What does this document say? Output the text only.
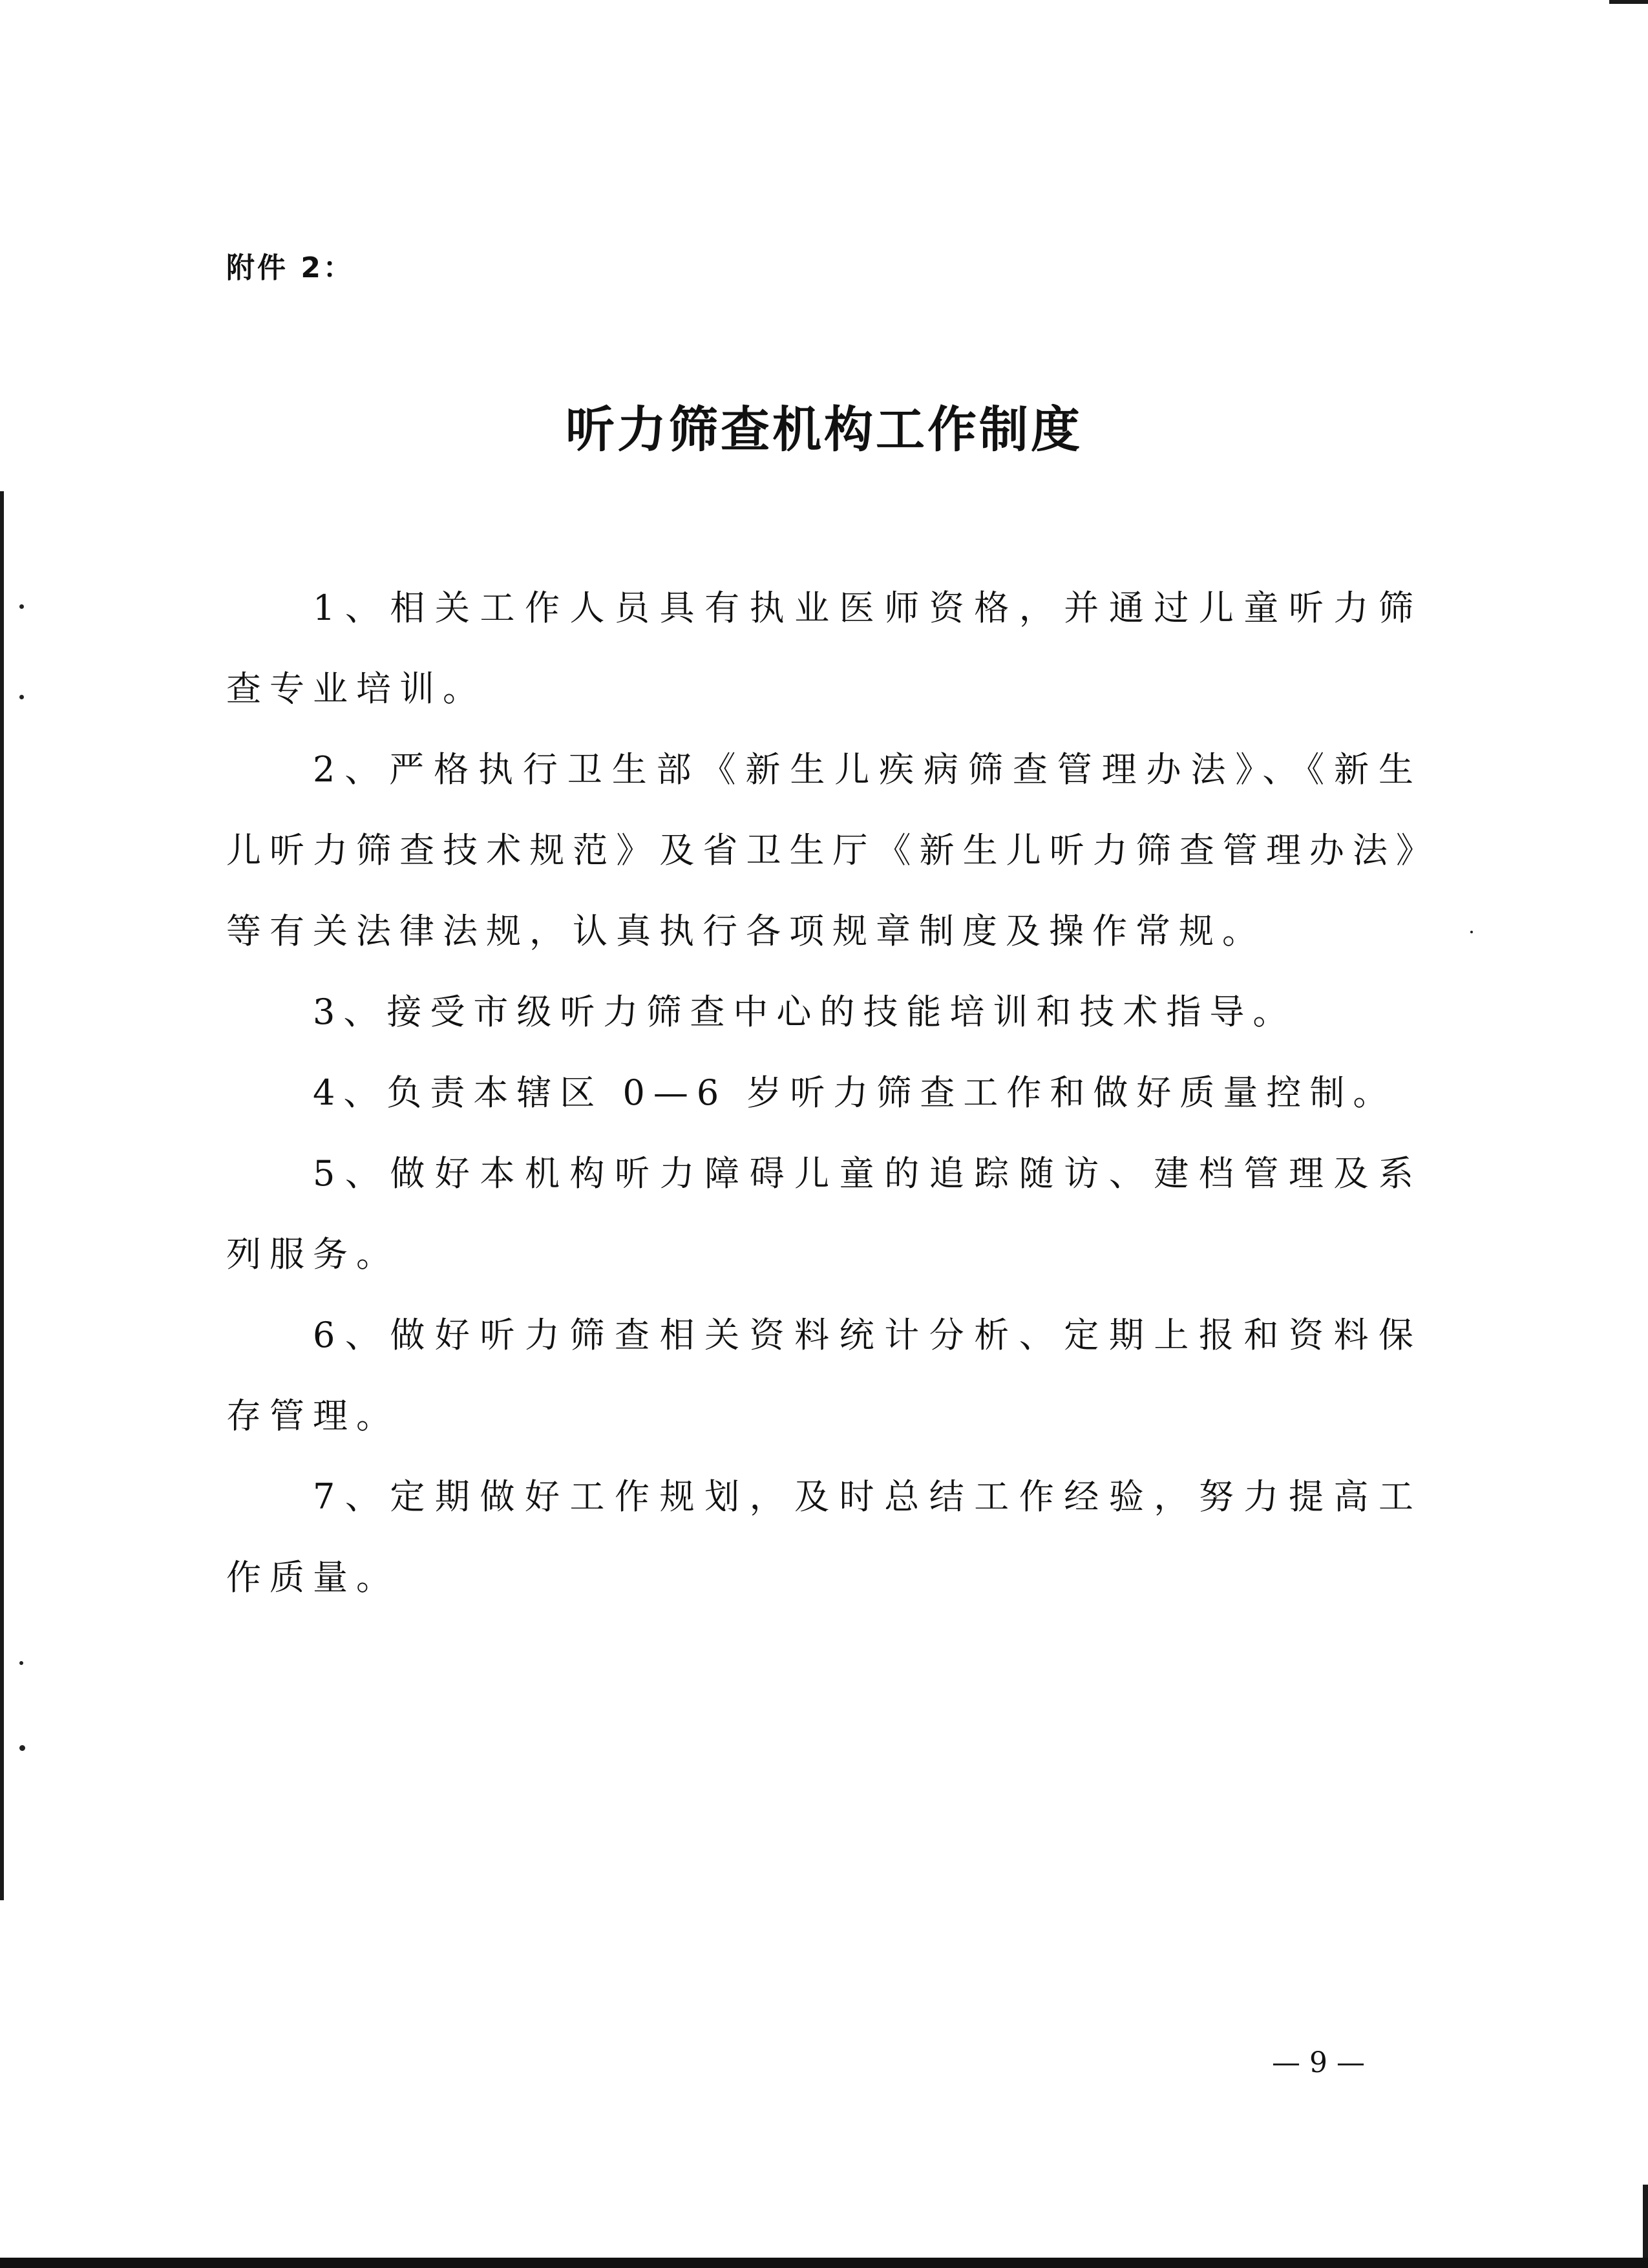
附件 2：

听力筛查机构工作制度

1、相关工作人员具有执业医师资格，并通过儿童听力筛查专业培训。

2、严格执行卫生部《新生儿疾病筛查管理办法》、《新生儿听力筛查技术规范》及省卫生厅《新生儿听力筛查管理办法》等有关法律法规，认真执行各项规章制度及操作常规。

3、接受市级听力筛查中心的技能培训和技术指导。

4、负责本辖区 0—6 岁听力筛查工作和做好质量控制。

5、做好本机构听力障碍儿童的追踪随访、建档管理及系列服务。

6、做好听力筛查相关资料统计分析、定期上报和资料保存管理。

7、定期做好工作规划，及时总结工作经验，努力提高工作质量。

— 9 —
